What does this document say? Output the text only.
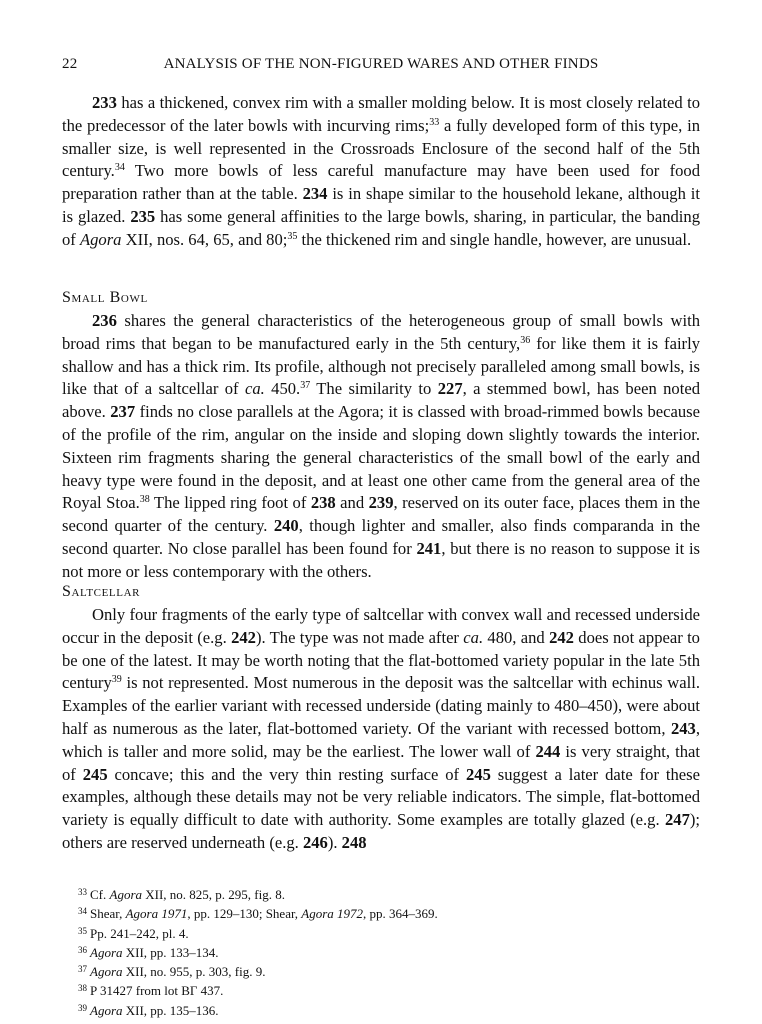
22	ANALYSIS OF THE NON-FIGURED WARES AND OTHER FINDS

233 has a thickened, convex rim with a smaller molding below. It is most closely related to the predecessor of the later bowls with incurving rims;$^{33}$ a fully developed form of this type, in smaller size, is well represented in the Crossroads Enclosure of the second half of the 5th century.$^{34}$ Two more bowls of less careful manufacture may have been used for food preparation rather than at the table. 234 is in shape similar to the household lekane, although it is glazed. 235 has some general affinities to the large bowls, sharing, in particular, the banding of Agora XII, nos. 64, 65, and 80;$^{35}$ the thickened rim and single handle, however, are unusual.

Small Bowl

236 shares the general characteristics of the heterogeneous group of small bowls with broad rims that began to be manufactured early in the 5th century,$^{36}$ for like them it is fairly shallow and has a thick rim. Its profile, although not precisely paralleled among small bowls, is like that of a saltcellar of ca. 450.37 The similarity to 227, a stemmed bowl, has been noted above. 237 finds no close parallels at the Agora; it is classed with broad-rimmed bowls because of the profile of the rim, angular on the inside and sloping down slightly towards the interior. Sixteen rim fragments sharing the general characteristics of the small bowl of the early and heavy type were found in the deposit, and at least one other came from the general area of the Royal Stoa.$^{38}$ The lipped ring foot of 238 and 239, reserved on its outer face, places them in the second quarter of the century. 240, though lighter and smaller, also finds comparanda in the second quarter. No close parallel has been found for 241, but there is no reason to suppose it is not more or less contemporary with the others.

Saltcellar

Only four fragments of the early type of saltcellar with convex wall and recessed underside occur in the deposit (e.g. 242). The type was not made after ca. 480, and 242 does not appear to be one of the latest. It may be worth noting that the flat-bottomed variety popular in the late 5th century$^{39}$ is not represented. Most numerous in the deposit was the saltcellar with echinus wall. Examples of the earlier variant with recessed underside (dating mainly to 480–450), were about half as numerous as the later, flat-bottomed variety. Of the variant with recessed bottom, 243, which is taller and more solid, may be the earliest. The lower wall of 244 is very straight, that of 245 concave; this and the very thin resting surface of 245 suggest a later date for these examples, although these details may not be very reliable indicators. The simple, flat-bottomed variety is equally difficult to date with authority. Some examples are totally glazed (e.g. 247); others are reserved underneath (e.g. 246). 248

$^{33}$ Cf. Agora XII, no. 825, p. 295, fig. 8.
$^{34}$ Shear, Agora 1971, pp. 129–130; Shear, Agora 1972, pp. 364–369.
$^{35}$ Pp. 241–242, pl. 4.
$^{36}$ Agora XII, pp. 133–134.
$^{37}$ Agora XII, no. 955, p. 303, fig. 9.
$^{38}$ P 31427 from lot BΓ 437.
$^{39}$ Agora XII, pp. 135–136.
